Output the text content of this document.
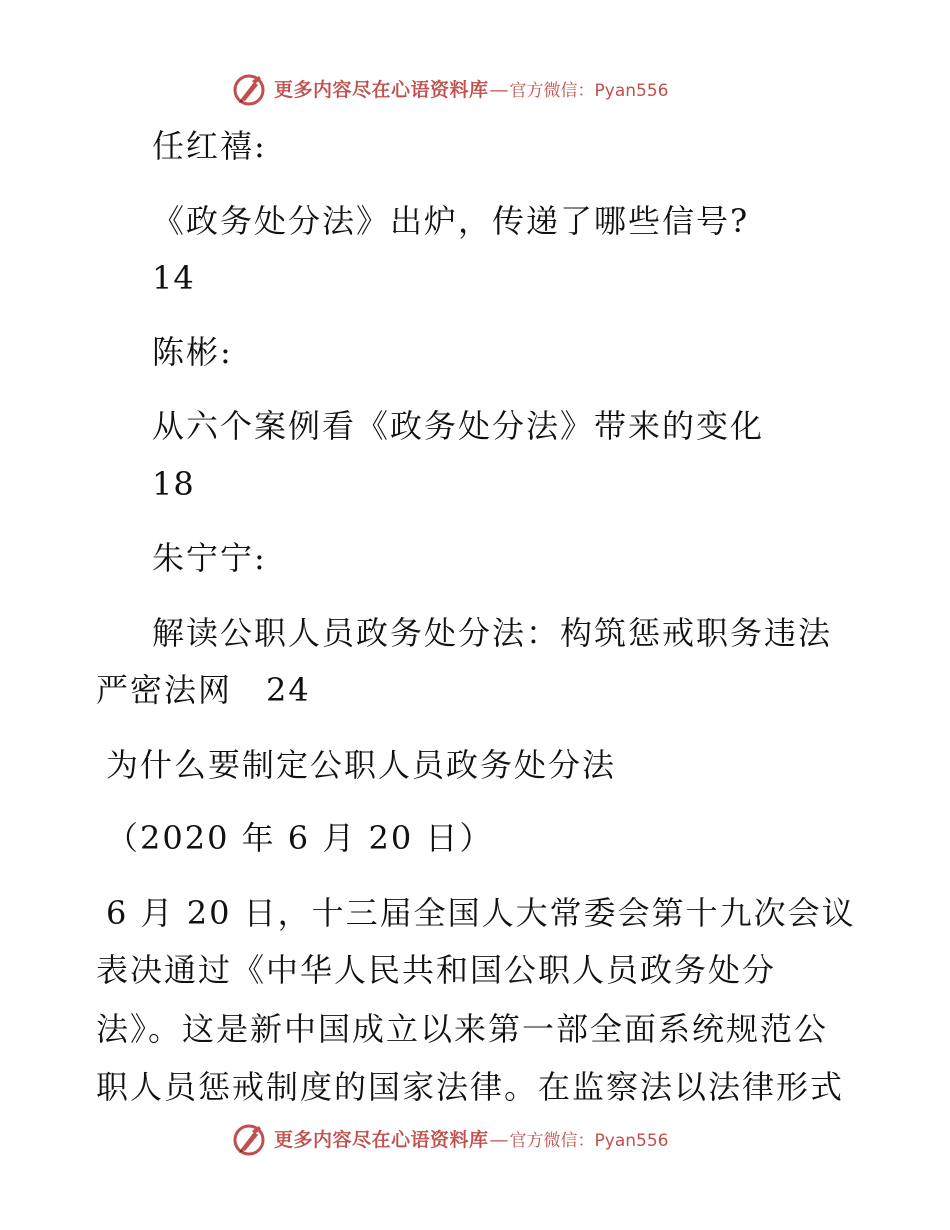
更多内容尽在心语资料库 — 官方微信：Pyan556
任红禧:
《政务处分法》出炉，传递了哪些信号?
14
陈彬:
从六个案例看《政务处分法》带来的变化
18
朱宁宁:
解读公职人员政务处分法：构筑惩戒职务违法
严密法网　24
为什么要制定公职人员政务处分法
（2020 年 6 月 20 日）
6 月 20 日，十三届全国人大常委会第十九次会议
表决通过《中华人民共和国公职人员政务处分
法》。这是新中国成立以来第一部全面系统规范公
职人员惩戒制度的国家法律。在监察法以法律形式
更多内容尽在心语资料库 — 官方微信：Pyan556
